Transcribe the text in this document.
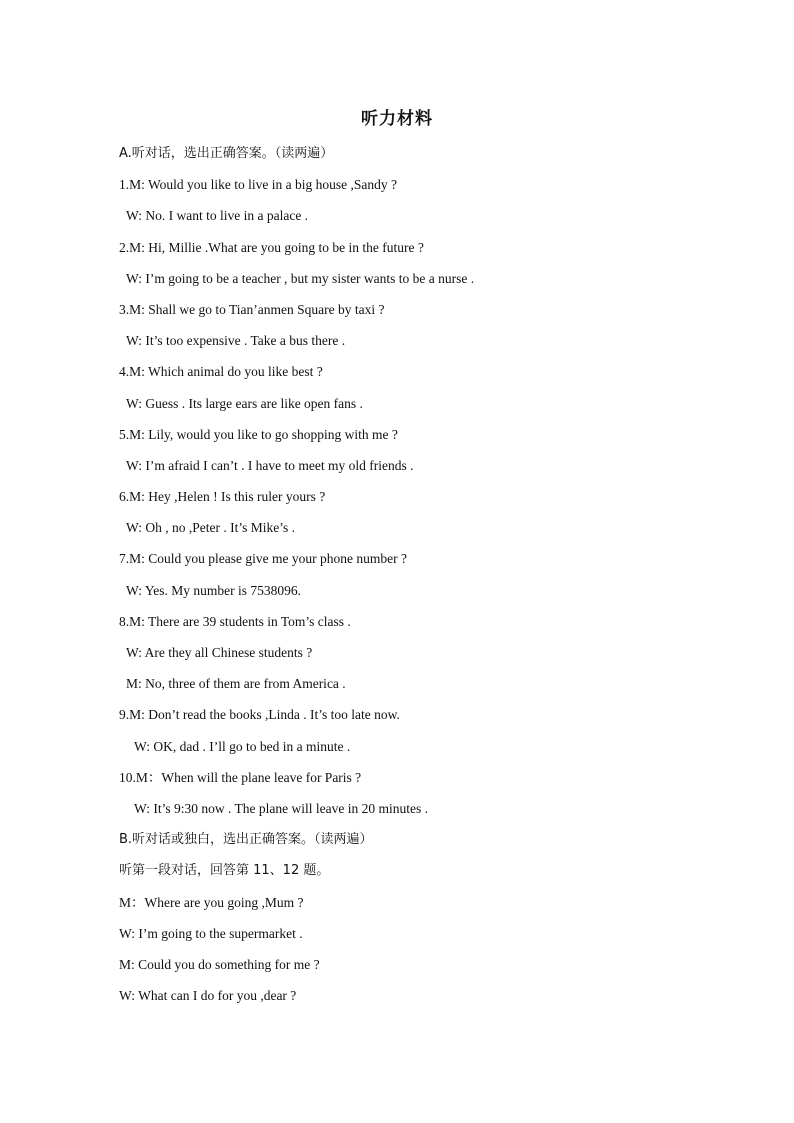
听力材料
A.听对话，选出正确答案。（读两遍）
1.M: Would you like to live in a big house ,Sandy ?
W: No. I want to live in a palace .
2.M: Hi, Millie .What are you going to be in the future ?
W: I’m going to be a teacher , but my sister wants to be a nurse .
3.M: Shall we go to Tian’anmen Square by taxi ?
W: It’s too expensive . Take a bus there .
4.M: Which animal do you like best ?
W: Guess . Its large ears are like open fans .
5.M: Lily, would you like to go shopping with me ?
W: I’m afraid I can’t . I have to meet my old friends .
6.M: Hey ,Helen ! Is this ruler yours ?
W: Oh , no ,Peter . It’s Mike’s .
7.M: Could you please give me your phone number ?
W: Yes. My number is 7538096.
8.M: There are 39 students in Tom’s class .
W: Are they all Chinese students ?
M: No, three of them are from America .
9.M: Don’t read the books ,Linda . It’s too late now.
W: OK, dad . I’ll go to bed in a minute .
10.M：When will the plane leave for Paris ?
W: It’s 9:30 now . The plane will leave in 20 minutes .
B.听对话或独白，选出正确答案。（读两遍）
听第一段对话，回答第 11、12 题。
M：Where are you going ,Mum ?
W: I’m going to the supermarket .
M: Could you do something for me ?
W: What can I do for you ,dear ?
